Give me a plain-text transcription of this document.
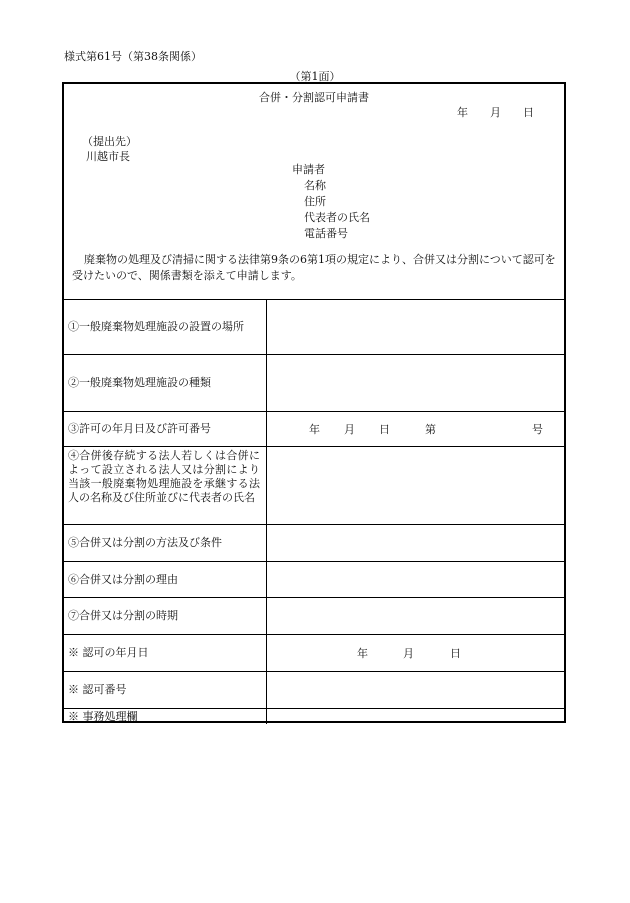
様式第61号（第38条関係）
（第1面）
合併・分割認可申請書
年 月 日
（提出先）
川越市長
申請者
名称
住所
代表者の氏名
電話番号
廃棄物の処理及び清掃に関する法律第9条の6第1項の規定により、合併又は分割について認可を受けたいので、関係書類を添えて申請します。
①一般廃棄物処理施設の設置の場所
②一般廃棄物処理施設の種類
③許可の年月日及び許可番号	年 月 日	第	号
④合併後存続する法人若しくは合併によって設立される法人又は分割により当該一般廃棄物処理施設を承継する法人の名称及び住所並びに代表者の氏名
⑤合併又は分割の方法及び条件
⑥合併又は分割の理由
⑦合併又は分割の時期
※ 認可の年月日	年	月	日
※ 認可番号
※ 事務処理欄
